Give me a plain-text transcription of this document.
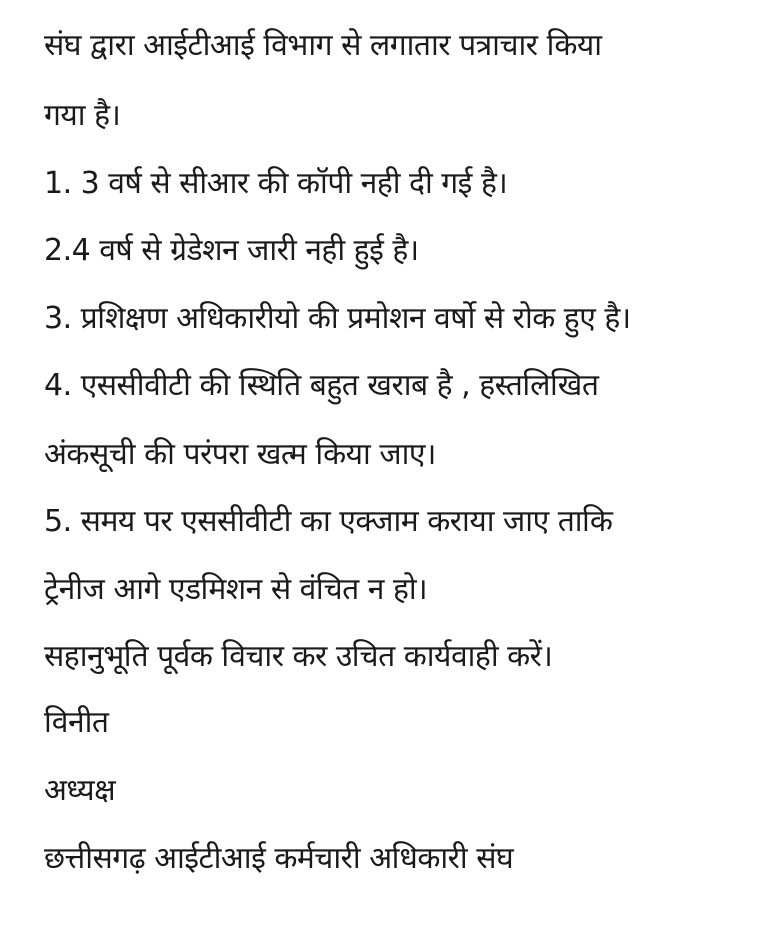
संघ द्वारा आईटीआई विभाग से लगातार पत्राचार किया

गया है।

1. 3 वर्ष से सीआर की कॉपी नही दी गई है।

2.4 वर्ष से ग्रेडेशन जारी नही हुई है।

3. प्रशिक्षण अधिकारीयो की प्रमोशन वर्षो से रोक हुए है।

4. एससीवीटी की स्थिति बहुत खराब है , हस्तलिखित

अंकसूची की परंपरा खत्म किया जाए।

5. समय पर एससीवीटी का एक्जाम कराया जाए ताकि

ट्रेनीज आगे एडमिशन से वंचित न हो।

सहानुभूति पूर्वक विचार कर उचित कार्यवाही करें।

विनीत

अध्यक्ष

छत्तीसगढ़ आईटीआई कर्मचारी अधिकारी संघ
